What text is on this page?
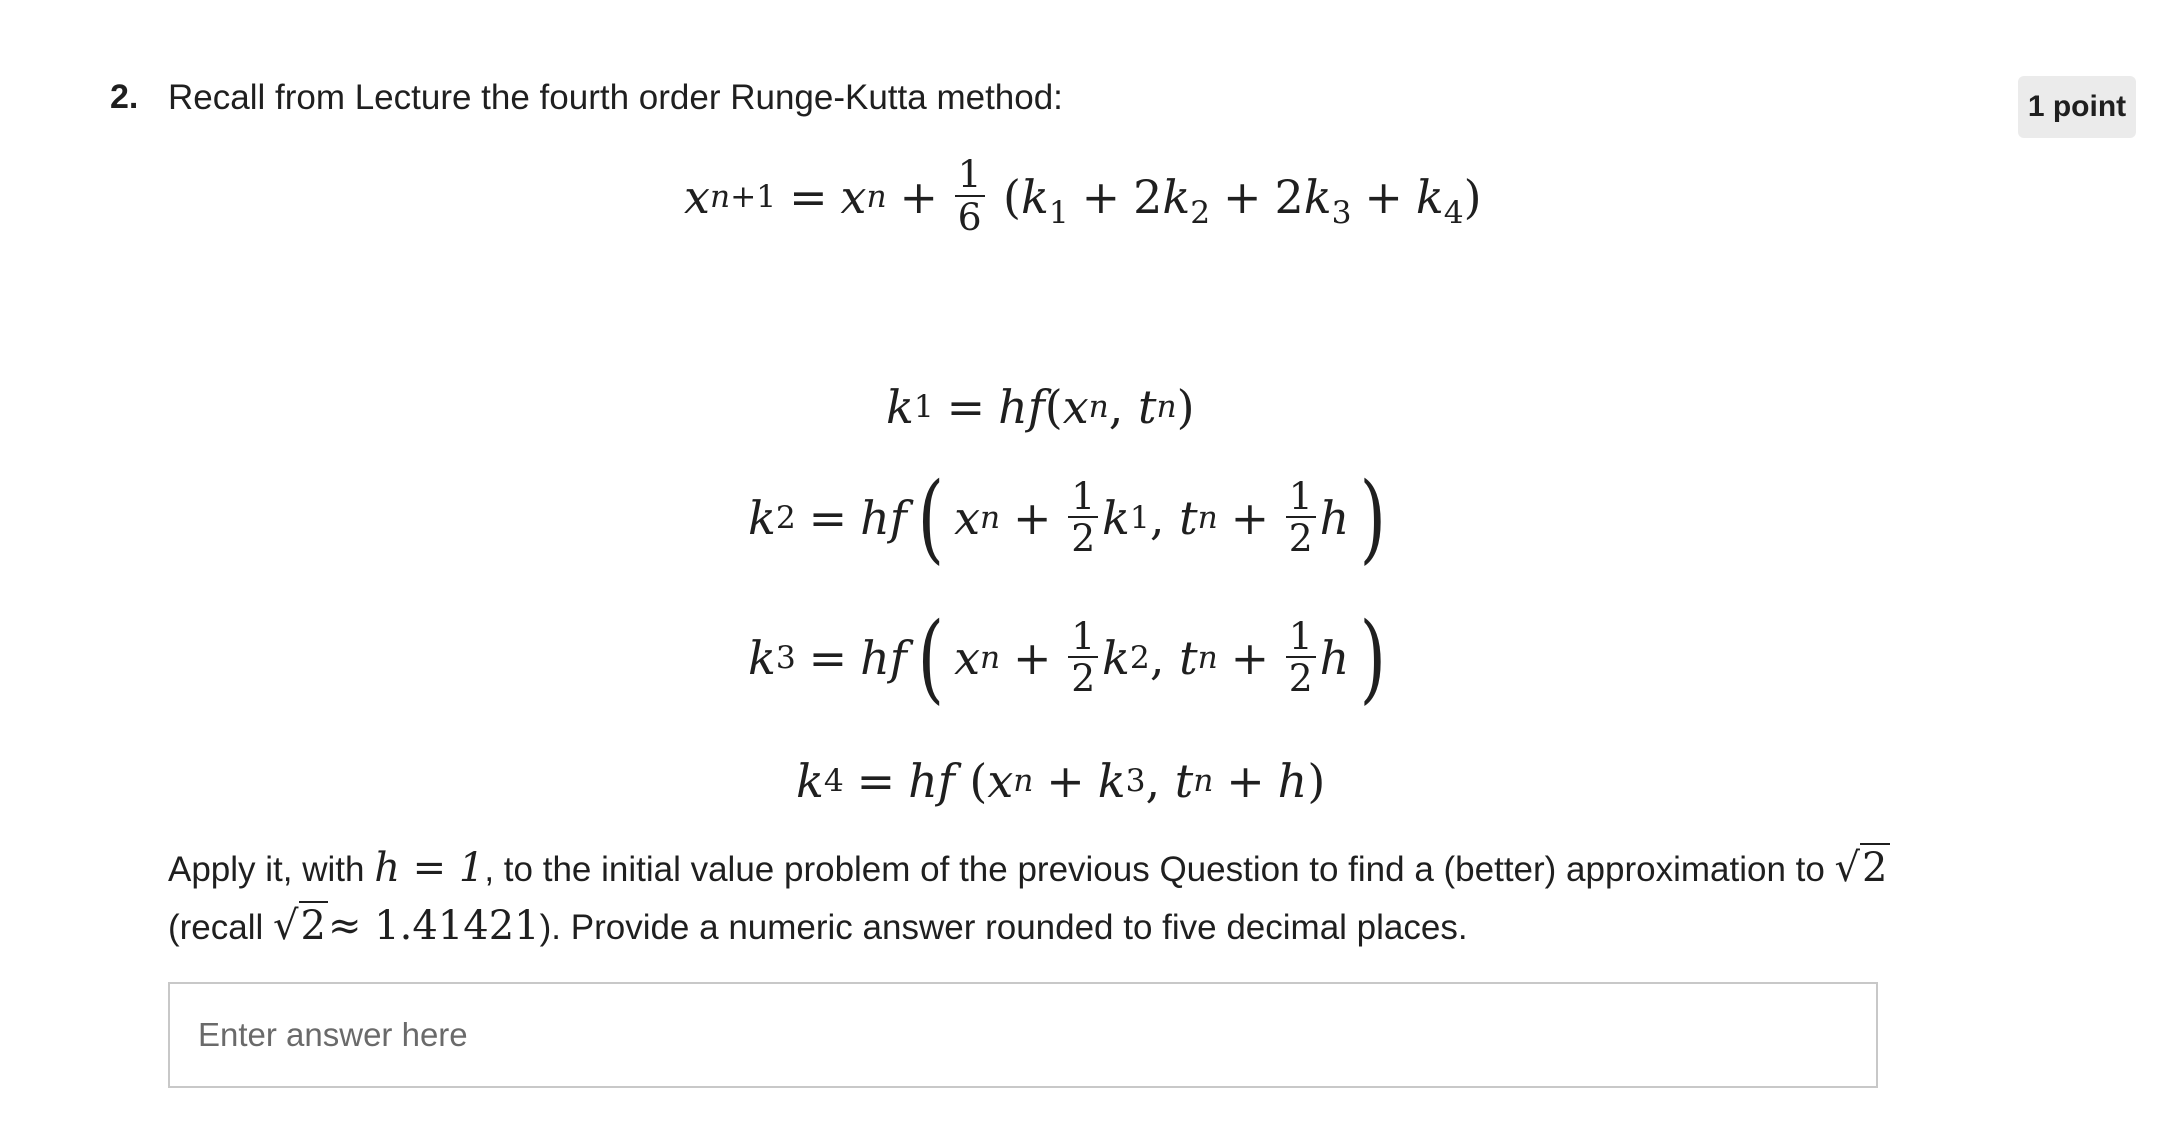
2. Recall from Lecture the fourth order Runge-Kutta method:	1 point
x n+1 = x $n + \frac{1}{6} (k_1 + 2k_2 + 2k_3 + k_4)$
k 1 = hf ( x n , t n )
k 2 = hf ( x $n + \frac{1}{2}$ k 1 , t $n + \frac{1}{2}$ h )
k 3 = hf ( x $n + \frac{1}{2}$ k 2 , t $n + \frac{1}{2}$ h )
k 4 = hf ( x n + k 3 , t n + h )
Apply it, with h = 1, to the initial value problem of the previous Question to find a (better) approximation to √2
(recall √2≈ 1.41421). Provide a numeric answer rounded to five decimal places.
Enter answer here
